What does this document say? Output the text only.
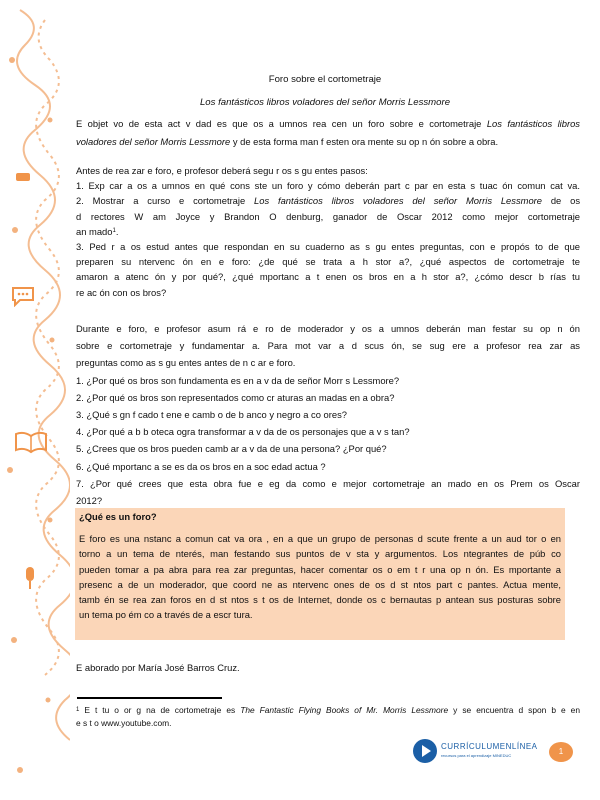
Foro sobre el cortometraje
Los fantásticos libros voladores del señor Morris Lessmore
E objet vo de esta act v dad es que os a umnos rea cen un foro sobre e cortometraje Los fantásticos libros
voladores del señor Morris Lessmore y de esta forma man f esten ora mente su op n ón sobre a obra.
Antes de rea zar e foro, e profesor deberá segu r os s gu entes pasos:
1. Exp car a os a umnos en qué cons ste un foro y cómo deberán part c par en esta s tuac ón comun cat va.
2. Mostrar a curso e cortometraje Los fantásticos libros voladores del señor Morris Lessmore de os
d rectores W am Joyce y Brandon O denburg, ganador de Oscar 2012 como mejor cortometraje
an mado$^1$.
3. Ped r a os estud antes que respondan en su cuaderno as s gu entes preguntas, con e propós to de que
preparen su ntervenc ón en e foro: ¿de qué se trata a h stor a?, ¿qué aspectos de cortometraje te
amaron a atenc ón y por qué?, ¿qué mportanc a t enen os bros en a h stor a?, ¿cómo descr b rías tu
re ac ón con os bros?
Durante e foro, e profesor asum rá e ro de moderador y os a umnos deberán man festar su op n ón
sobre e cortometraje y fundamentar a. Para mot var a d scus ón, se sug ere a profesor rea zar as
preguntas como as s gu entes antes de n c ar e foro.
1. ¿Por qué os bros son fundamenta es en a v da de señor Morr s Lessmore?
2. ¿Por qué os bros son representados como cr aturas an madas en a obra?
3. ¿Qué s gn f cado t ene e camb o de b anco y negro a co ores?
4. ¿Por qué a b b oteca ogra transformar a v da de os personajes que a v s tan?
5. ¿Crees que os bros pueden camb ar a v da de una persona? ¿Por qué?
6. ¿Qué mportanc a se es da os bros en a soc edad actua ?
7. ¿Por qué crees que esta obra fue e eg da como e mejor cortometraje an mado en os Prem os Oscar
2012?
¿Qué es un foro?
E foro es una nstanc a comun cat va ora , en a que un grupo de personas d scute frente a un aud tor o en
torno a un tema de nterés, man festando sus puntos de v sta y argumentos. Los ntegrantes de púb co
pueden tomar a pa abra para rea zar preguntas, hacer comentar os o em t r una op n ón. Es mportante a
presenc a de un moderador, que coord ne as ntervenc ones de os d st ntos part c pantes. Actua mente,
tamb én se rea zan foros en d st ntos s t os de Internet, donde os c bernautas p antean sus posturas sobre
un tema po ém co a través de a escr tura.
E aborado por María José Barros Cruz.
$^1$ E t tu o or g na de cortometraje es The Fantastic Flying Books of Mr. Morris Lessmore y se encuentra d spon b e en
e s t o www.youtube.com.
CURRÍCULUMENLÍNEA
recursos para el aprendizaje MINEDUC	1
